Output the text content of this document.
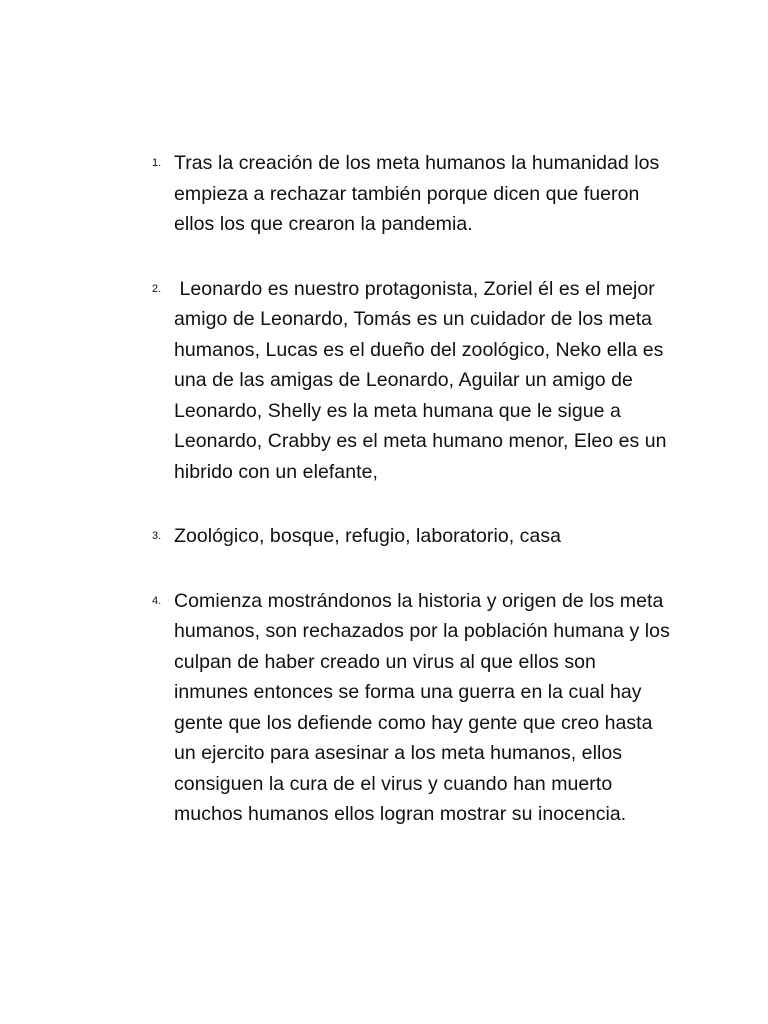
1. Tras la creación de los meta humanos la humanidad los empieza a rechazar también porque dicen que fueron ellos los que crearon la pandemia.
2. Leonardo es nuestro protagonista, Zoriel él es el mejor amigo de Leonardo, Tomás es un cuidador de los meta humanos, Lucas es el dueño del zoológico, Neko ella es una de las amigas de Leonardo, Aguilar un amigo de Leonardo, Shelly es la meta humana que le sigue a Leonardo, Crabby es el meta humano menor, Eleo es un hibrido con un elefante,
3. Zoológico, bosque, refugio, laboratorio, casa
4. Comienza mostrándonos la historia y origen de los meta humanos, son rechazados por la población humana y los culpan de haber creado un virus al que ellos son inmunes entonces se forma una guerra en la cual hay gente que los defiende como hay gente que creo hasta un ejercito para asesinar a los meta humanos, ellos consiguen la cura de el virus y cuando han muerto muchos humanos ellos logran mostrar su inocencia.
